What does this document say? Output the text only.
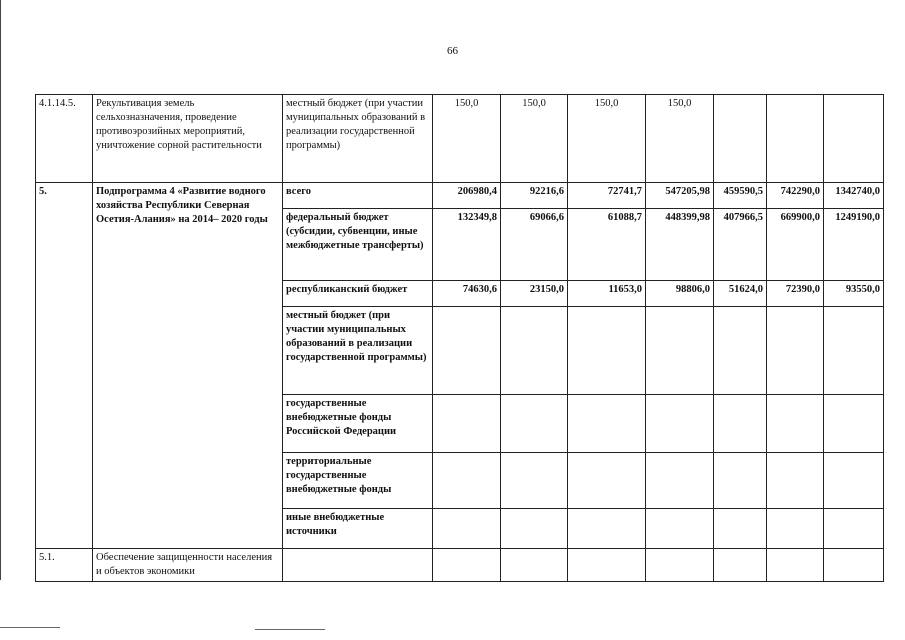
66
4.1.14.5.	Рекультивация земель сельхозназначения, проведение противоэрозийных мероприятий, уничтожение сорной растительности	местный бюджет (при участии муниципальных образований в реализации государственной программы)	150,0	150,0	150,0	150,0			
5.	Подпрограмма 4 «Развитие водного хозяйства Республики Северная Осетия-Алания» на 2014– 2020 годы	всего	206980,4	92216,6	72741,7	547205,98	459590,5	742290,0	1342740,0
		федеральный бюджет (субсидии, субвенции, иные межбюджетные трансферты)	132349,8	69066,6	61088,7	448399,98	407966,5	669900,0	1249190,0
		республиканский бюджет	74630,6	23150,0	11653,0	98806,0	51624,0	72390,0	93550,0
		местный бюджет (при участии муниципальных образований в реализации государственной программы)							
		государственные внебюджетные фонды Российской Федерации							
		территориальные государственные внебюджетные фонды							
		иные внебюджетные источники							
5.1.	Обеспечение защищенности населения и объектов экономики								
